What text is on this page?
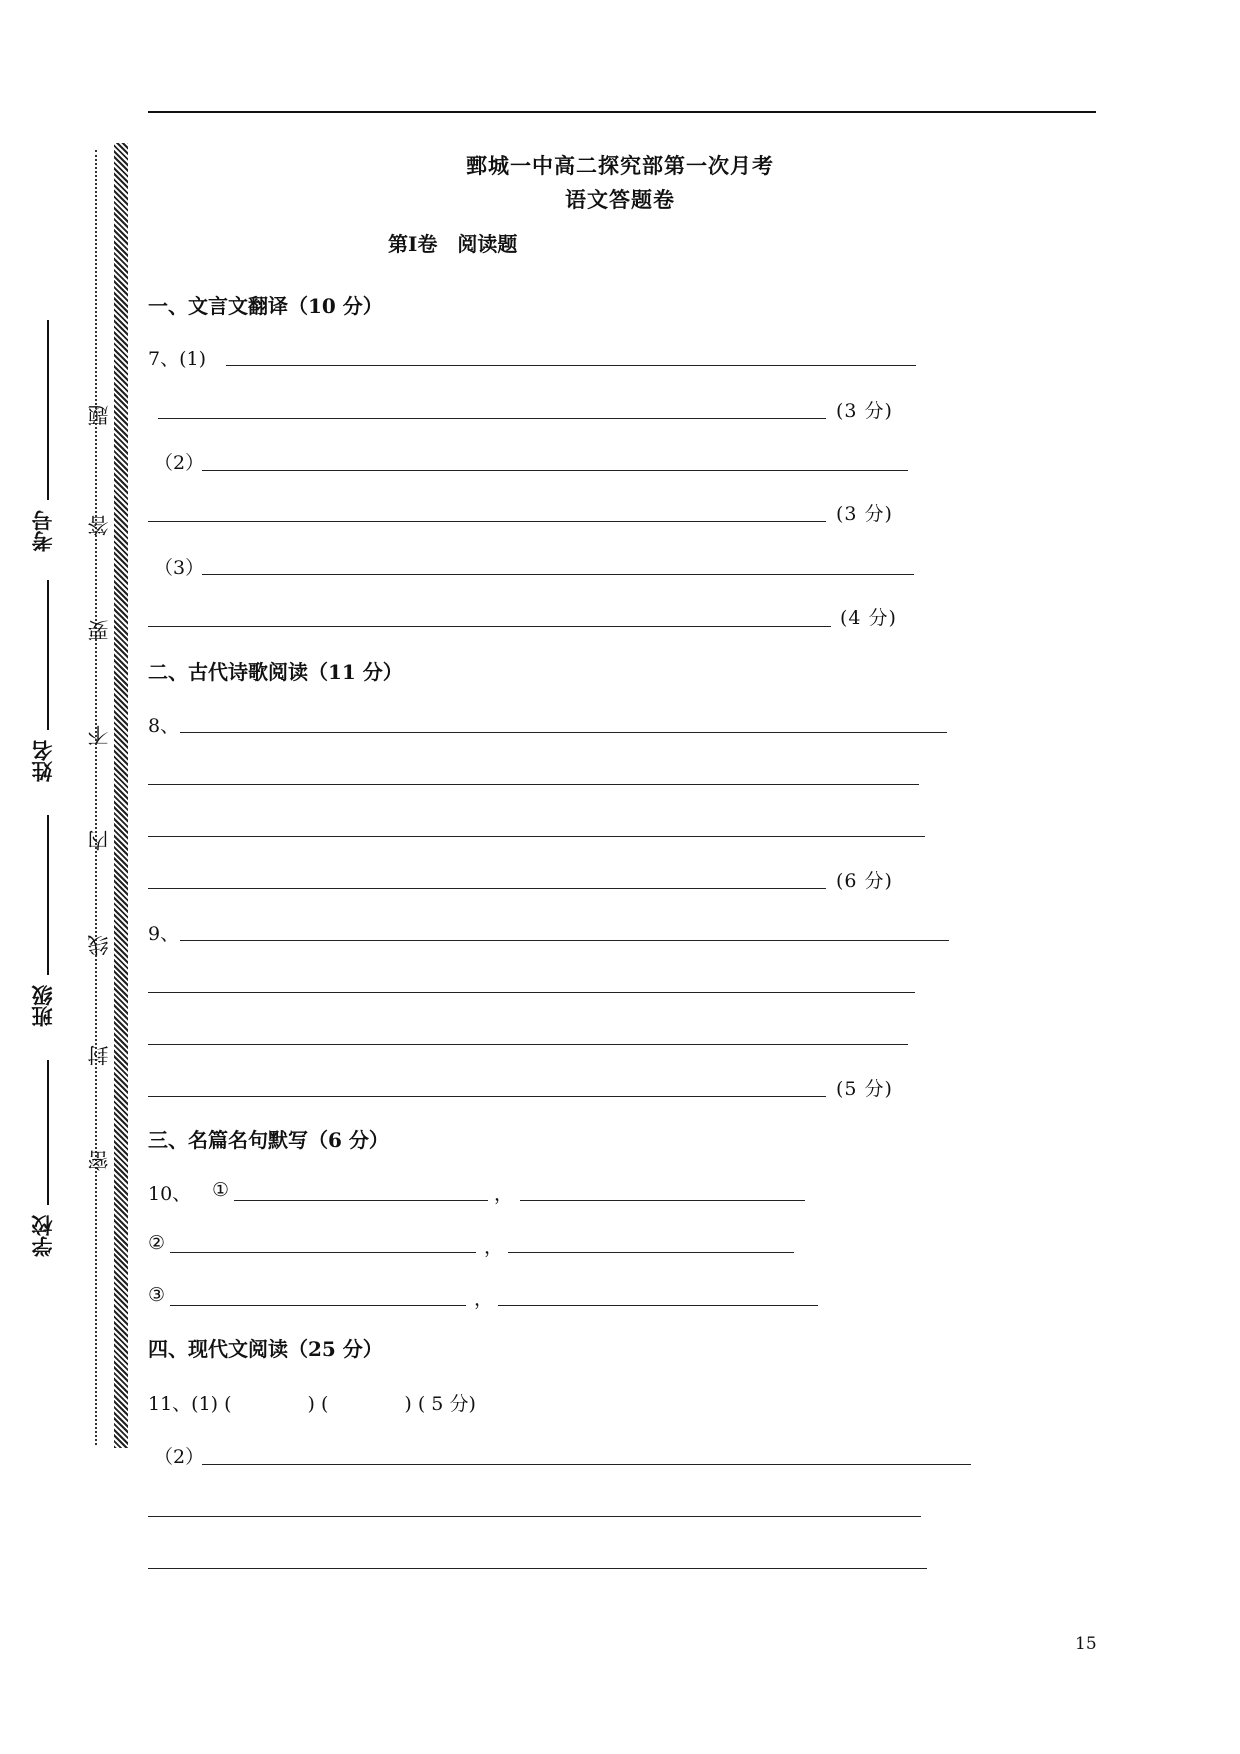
鄄城一中高二探究部第一次月考
语文答题卷
第Ⅰ卷　阅读题
一、文言文翻译（10 分）
7、(1)
(3 分)
（2）
(3 分)
（3）
(4 分)
二、古代诗歌阅读（11 分）
8、
(6 分)
9、
(5 分)
三、名篇名句默写（6 分）
10、 ①	，
②	，
③	，
四、现代文阅读（25 分）
11、(1) (　　　　) (　　　　) ( 5 分)
（2）
15
密
封
线
内
不
要
答
题
学校
班级
姓名
考号
